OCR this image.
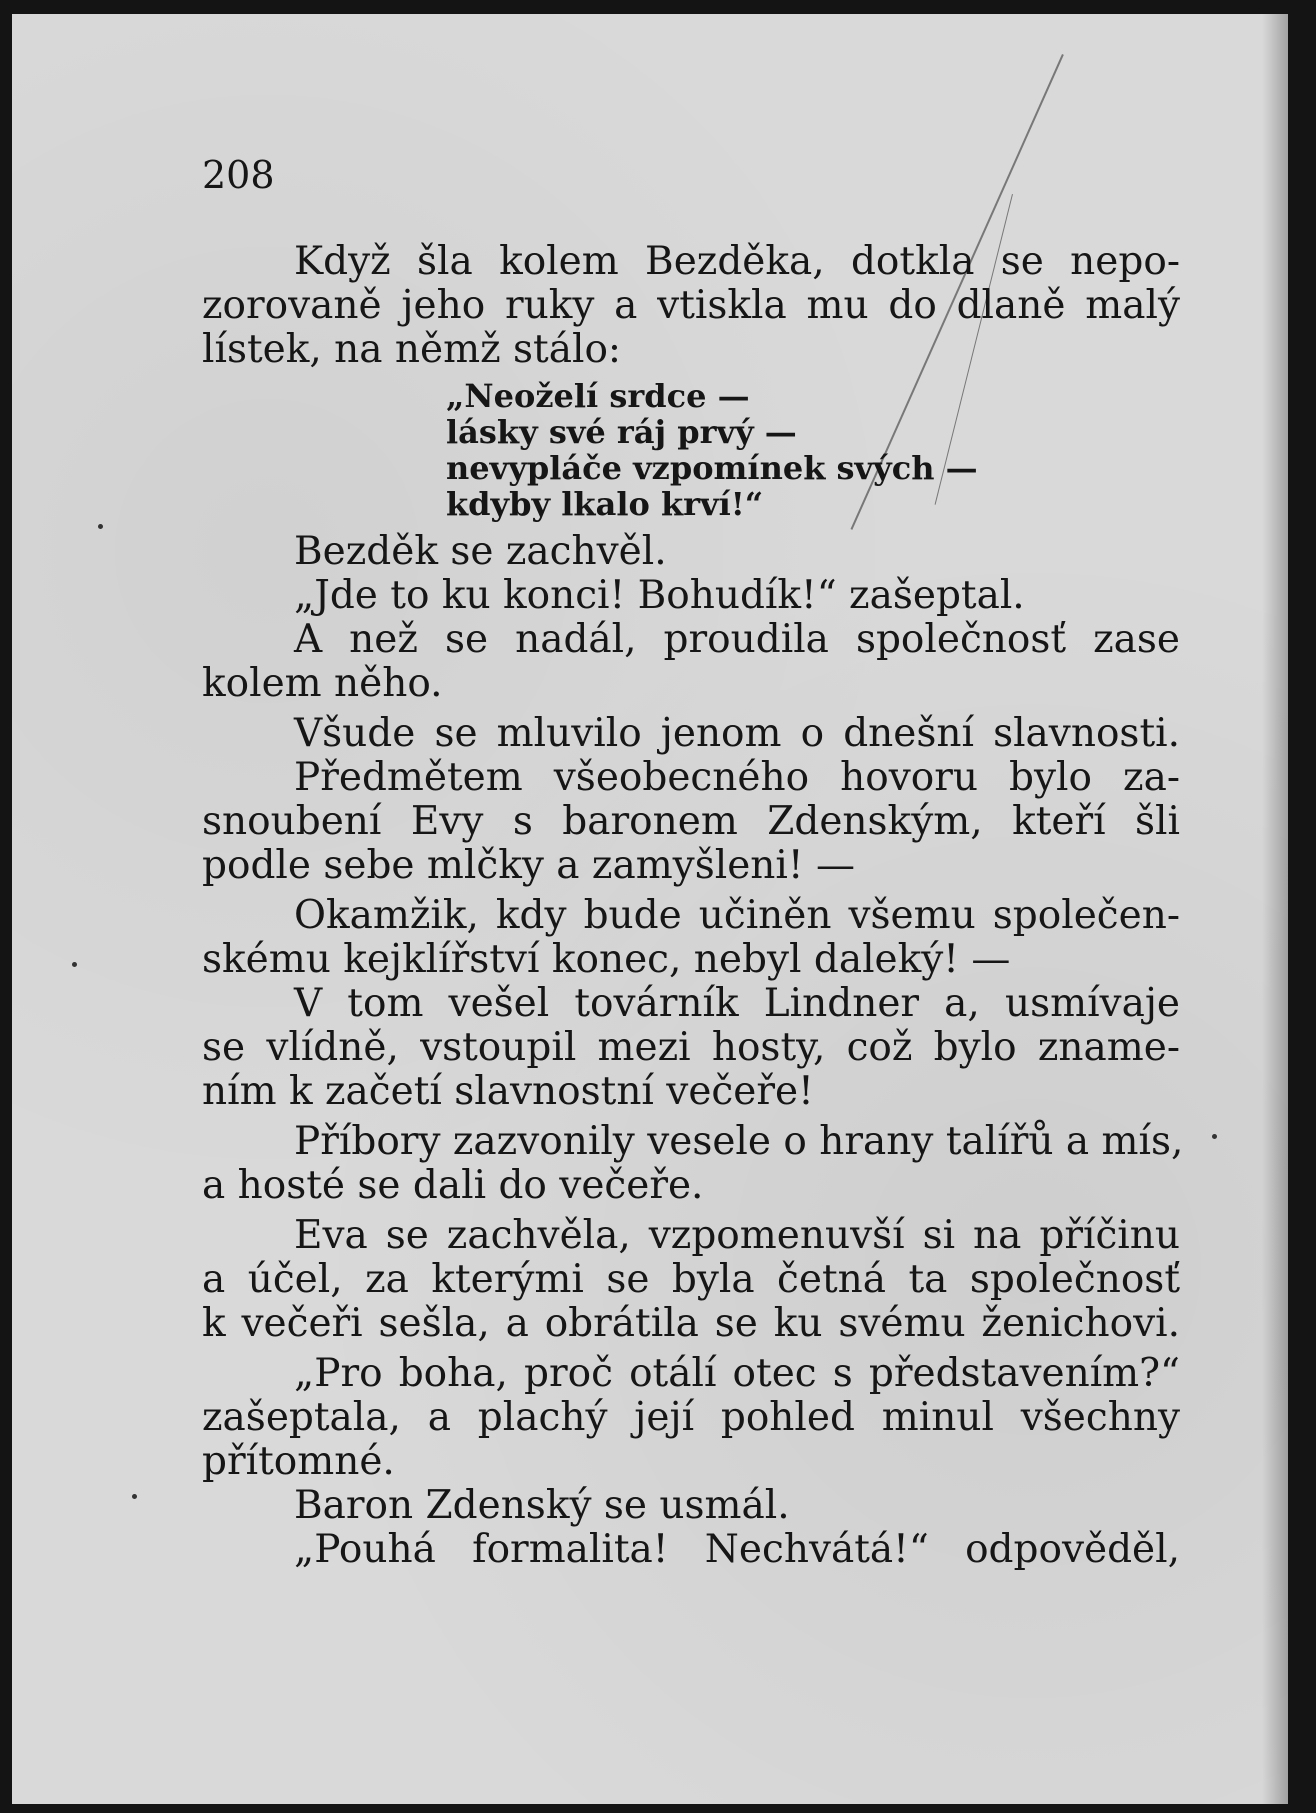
208
Když šla kolem Bezděka, dotkla se nepo-
zorovaně jeho ruky a vtiskla mu do dlaně malý
lístek, na němž stálo:
„Neoželí srdce —
lásky své ráj prvý —
nevypláče vzpomínek svých —
kdyby lkalo krví!“
Bezděk se zachvěl.
„Jde to ku konci! Bohudík!“ zašeptal.
A než se nadál, proudila společnosť zase
kolem něho.
Všude se mluvilo jenom o dnešní slavnosti.
Předmětem všeobecného hovoru bylo za-
snoubení Evy s baronem Zdenským, kteří šli
podle sebe mlčky a zamyšleni! —
Okamžik, kdy bude učiněn všemu společen-
skému kejklířství konec, nebyl daleký! —
V tom vešel továrník Lindner a, usmívaje
se vlídně, vstoupil mezi hosty, což bylo zname-
ním k začetí slavnostní večeře!
Příbory zazvonily vesele o hrany talířů a mís,
a hosté se dali do večeře.
Eva se zachvěla, vzpomenuvší si na příčinu
a účel, za kterými se byla četná ta společnosť
k večeři sešla, a obrátila se ku svému ženichovi.
„Pro boha, proč otálí otec s představením?“
zašeptala, a plachý její pohled minul všechny
přítomné.
Baron Zdenský se usmál.
„Pouhá formalita! Nechvátá!“ odpověděl,
